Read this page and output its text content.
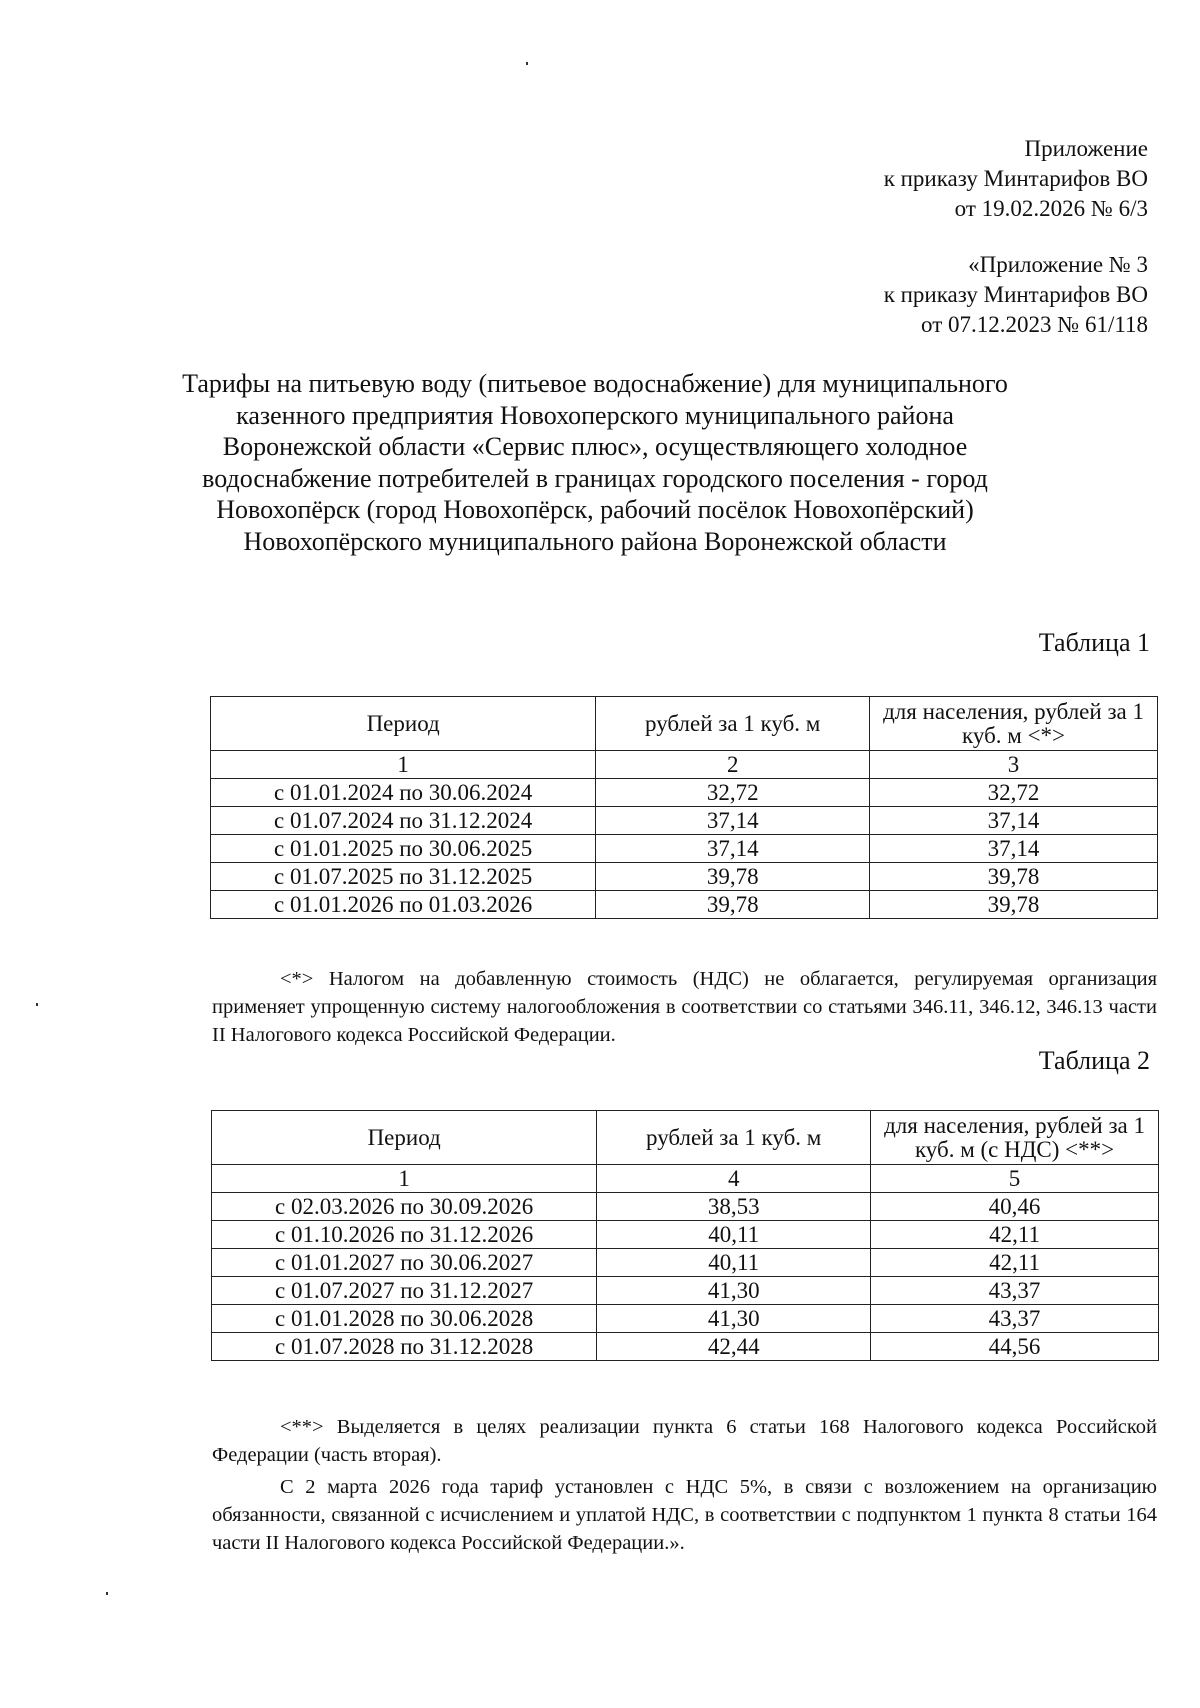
Приложение
к приказу Минтарифов ВО
от 19.02.2026 № 6/3
«Приложение № 3
к приказу Минтарифов ВО
от 07.12.2023 № 61/118
Тарифы на питьевую воду (питьевое водоснабжение) для муниципального
казенного предприятия Новохоперского муниципального района
Воронежской области «Сервис плюс», осуществляющего холодное
водоснабжение потребителей в границах городского поселения - город
Новохопёрск (город Новохопёрск, рабочий посёлок Новохопёрский)
Новохопёрского муниципального района Воронежской области
Таблица 1
Период	рублей за 1 куб. м	для населения, рублей за 1 куб. м <*>
1	2	3
с 01.01.2024 по 30.06.2024	32,72	32,72
с 01.07.2024 по 31.12.2024	37,14	37,14
с 01.01.2025 по 30.06.2025	37,14	37,14
с 01.07.2025 по 31.12.2025	39,78	39,78
с 01.01.2026 по 01.03.2026	39,78	39,78

<*> Налогом на добавленную стоимость (НДС) не облагается, регулируемая организация применяет упрощенную систему налогообложения в соответствии со статьями 346.11, 346.12, 346.13 части II Налогового кодекса Российской Федерации.

Таблица 2
Период	рублей за 1 куб. м	для населения, рублей за 1 куб. м (с НДС) <**>
1	4	5
с 02.03.2026 по 30.09.2026	38,53	40,46
с 01.10.2026 по 31.12.2026	40,11	42,11
с 01.01.2027 по 30.06.2027	40,11	42,11
с 01.07.2027 по 31.12.2027	41,30	43,37
с 01.01.2028 по 30.06.2028	41,30	43,37
с 01.07.2028 по 31.12.2028	42,44	44,56

<**> Выделяется в целях реализации пункта 6 статьи 168 Налогового кодекса Российской Федерации (часть вторая).

С 2 марта 2026 года тариф установлен с НДС 5%, в связи с возложением на организацию обязанности, связанной с исчислением и уплатой НДС, в соответствии с подпунктом 1 пункта 8 статьи 164 части II Налогового кодекса Российской Федерации.».
